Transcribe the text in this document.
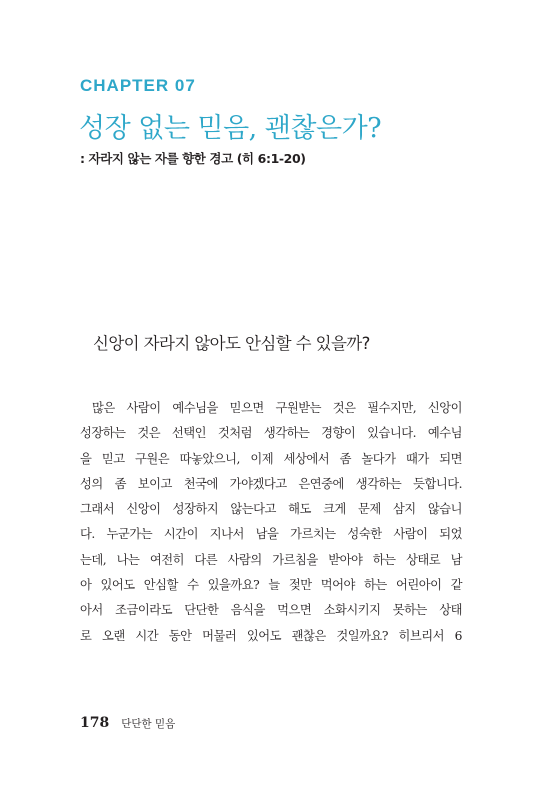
CHAPTER 07
성장 없는 믿음, 괜찮은가?
: 자라지 않는 자를 향한 경고 (히 6:1-20)
신앙이 자라지 않아도 안심할 수 있을까?
많은 사람이 예수님을 믿으면 구원받는 것은 필수지만, 신앙이
성장하는 것은 선택인 것처럼 생각하는 경향이 있습니다. 예수님
을 믿고 구원은 따놓았으니, 이제 세상에서 좀 놀다가 때가 되면
성의 좀 보이고 천국에 가야겠다고 은연중에 생각하는 듯합니다.
그래서 신앙이 성장하지 않는다고 해도 크게 문제 삼지 않습니
다. 누군가는 시간이 지나서 남을 가르치는 성숙한 사람이 되었
는데, 나는 여전히 다른 사람의 가르침을 받아야 하는 상태로 남
아 있어도 안심할 수 있을까요? 늘 젖만 먹어야 하는 어린아이 같
아서 조금이라도 단단한 음식을 먹으면 소화시키지 못하는 상태
로 오랜 시간 동안 머물러 있어도 괜찮은 것일까요? 히브리서 6
178 단단한 믿음
